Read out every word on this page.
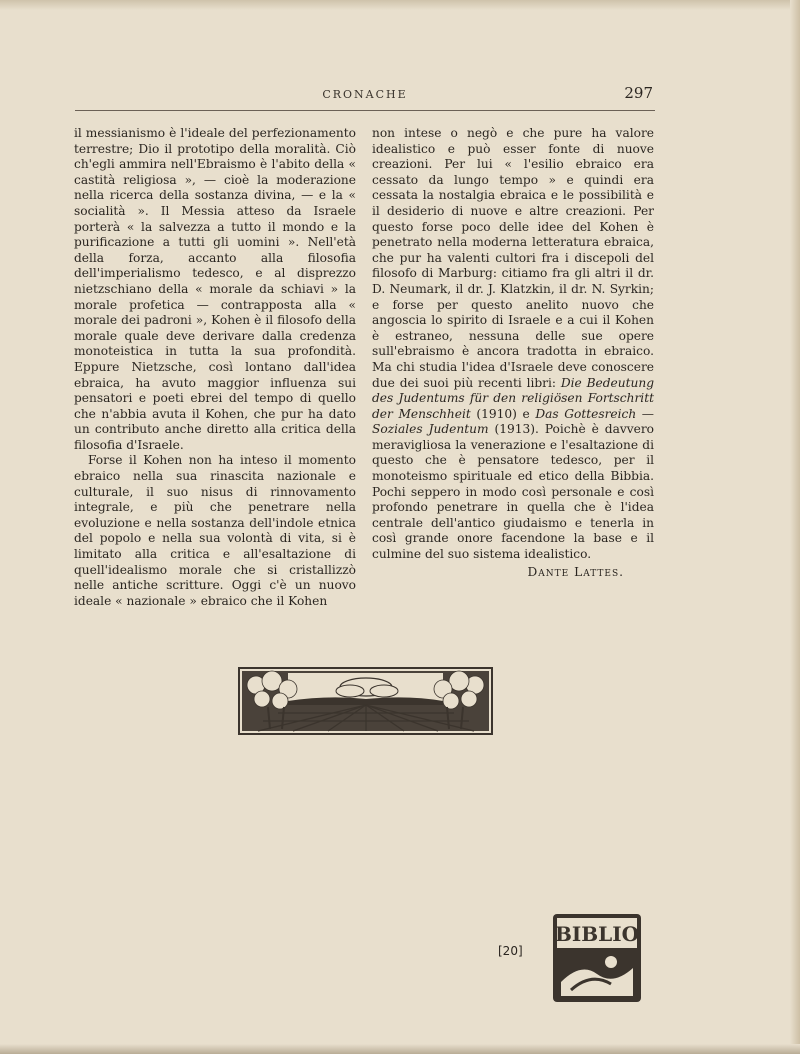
CRONACHE	297

il messianismo è l'ideale del perfezionamento terrestre; Dio il prototipo della moralità. Ciò ch'egli ammira nell'Ebraismo è l'abito della « castità religiosa », — cioè la moderazione nella ricerca della sostanza divina, — e la « socialità ». Il Messia atteso da Israele porterà « la salvezza a tutto il mondo e la purificazione a tutti gli uomini ». Nell'età della forza, accanto alla filosofia dell'imperialismo tedesco, e al disprezzo nietzschiano della « morale da schiavi » la morale profetica — contrapposta alla « morale dei padroni », Kohen è il filosofo della morale quale deve derivare dalla credenza monoteistica in tutta la sua profondità. Eppure Nietzsche, così lontano dall'idea ebraica, ha avuto maggior influenza sui pensatori e poeti ebrei del tempo di quello che n'abbia avuta il Kohen, che pur ha dato un contributo anche diretto alla critica della filosofia d'Israele.

Forse il Kohen non ha inteso il momento ebraico nella sua rinascita nazionale e culturale, il suo nisus di rinnovamento integrale, e più che penetrare nella evoluzione e nella sostanza dell'indole etnica del popolo e nella sua volontà di vita, si è limitato alla critica e all'esaltazione di quell'idealismo morale che si cristallizzò nelle antiche scritture. Oggi c'è un nuovo ideale « nazionale » ebraico che il Kohen

non intese o negò e che pure ha valore idealistico e può esser fonte di nuove creazioni. Per lui « l'esilio ebraico era cessato da lungo tempo » e quindi era cessata la nostalgia ebraica e le possibilità e il desiderio di nuove e altre creazioni. Per questo forse poco delle idee del Kohen è penetrato nella moderna letteratura ebraica, che pur ha valenti cultori fra i discepoli del filosofo di Marburg: citiamo fra gli altri il dr. D. Neumark, il dr. J. Klatzkin, il dr. N. Syrkin; e forse per questo anelito nuovo che angoscia lo spirito di Israele e a cui il Kohen è estraneo, nessuna delle sue opere sull'ebraismo è ancora tradotta in ebraico. Ma chi studia l'idea d'Israele deve conoscere due dei suoi più recenti libri: Die Bedeutung des Judentums für den religiösen Fortschritt der Menschheit (1910) e Das Gottesreich — Soziales Judentum (1913). Poichè è davvero meravigliosa la venerazione e l'esaltazione di questo che è pensatore tedesco, per il monoteismo spirituale ed etico della Bibbia. Pochi seppero in modo così personale e così profondo penetrare in quella che è l'idea centrale dell'antico giudaismo e tenerla in così grande onore facendone la base e il culmine del suo sistema idealistico.

Dante Lattes.

[20]
BIBLIO
